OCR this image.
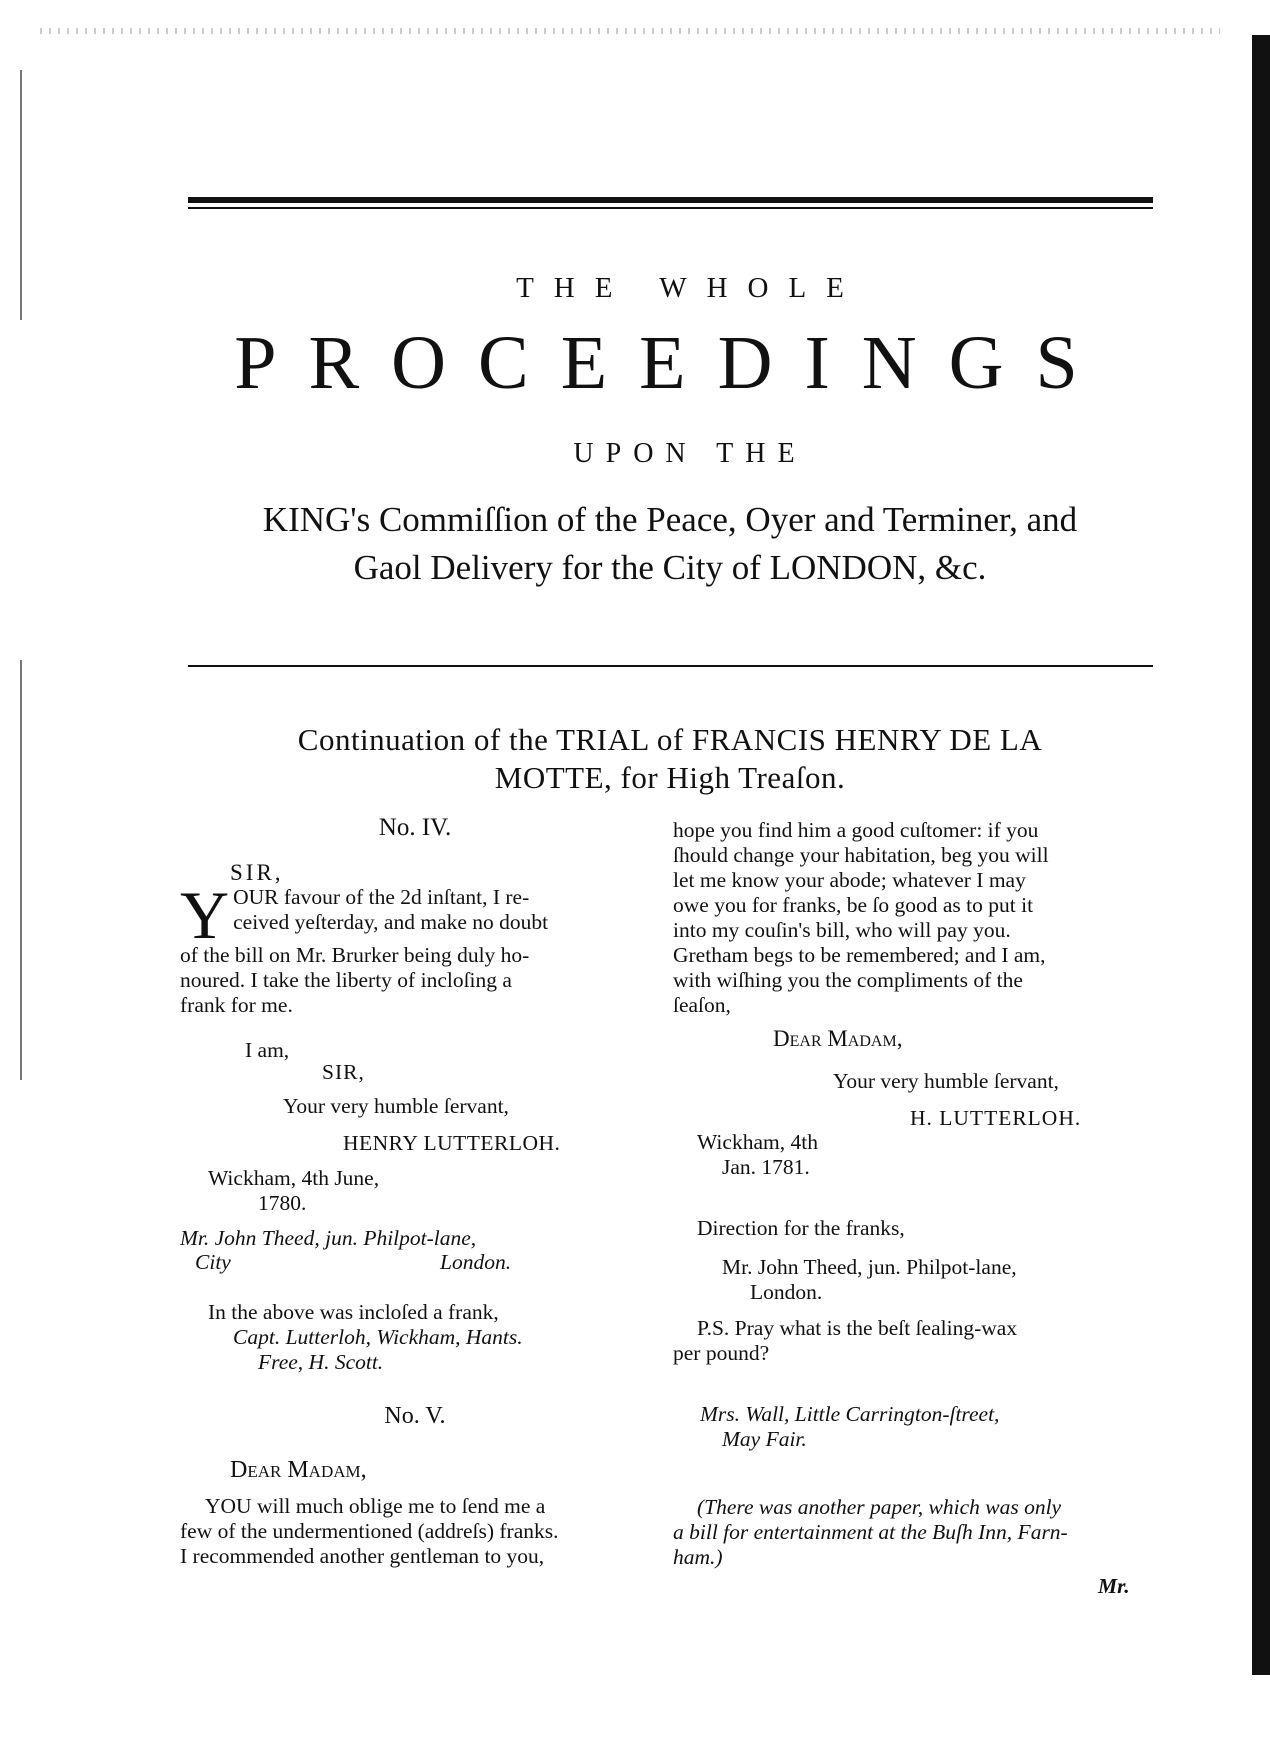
THE WHOLE
PROCEEDINGS
UPON THE
KING's Commiſſion of the Peace, Oyer and Terminer, and
Gaol Delivery for the City of LONDON, &c.
Continuation of the TRIAL of FRANCIS HENRY DE LA
MOTTE, for High Treaſon.
No. IV.
SIR,
Y OUR favour of the 2d inſtant, I re-
ceived yeſterday, and make no doubt
of the bill on Mr. Brurker being duly ho-
noured. I take the liberty of incloſing a
frank for me.
I am,
SIR,
Your very humble ſervant,
HENRY LUTTERLOH.
Wickham, 4th June,
1780.
Mr. John Theed, jun. Philpot-lane,
City	London.
In the above was incloſed a frank,
Capt. Lutterloh, Wickham, Hants.
Free, H. Scott.
No. V.
Dear Madam,
YOU will much oblige me to ſend me a
few of the undermentioned (addreſs) franks.
I recommended another gentleman to you,
hope you find him a good cuſtomer: if you
ſhould change your habitation, beg you will
let me know your abode; whatever I may
owe you for franks, be ſo good as to put it
into my couſin's bill, who will pay you.
Gretham begs to be remembered; and I am,
with wiſhing you the compliments of the
ſeaſon,
Dear Madam,
Your very humble ſervant,
H. LUTTERLOH.
Wickham, 4th
Jan. 1781.
Direction for the franks,
Mr. John Theed, jun. Philpot-lane,
London.
P.S. Pray what is the beſt ſealing-wax
per pound?
Mrs. Wall, Little Carrington-ſtreet,
May Fair.
(There was another paper, which was only
a bill for entertainment at the Buſh Inn, Farn-
ham.)
Mr.
